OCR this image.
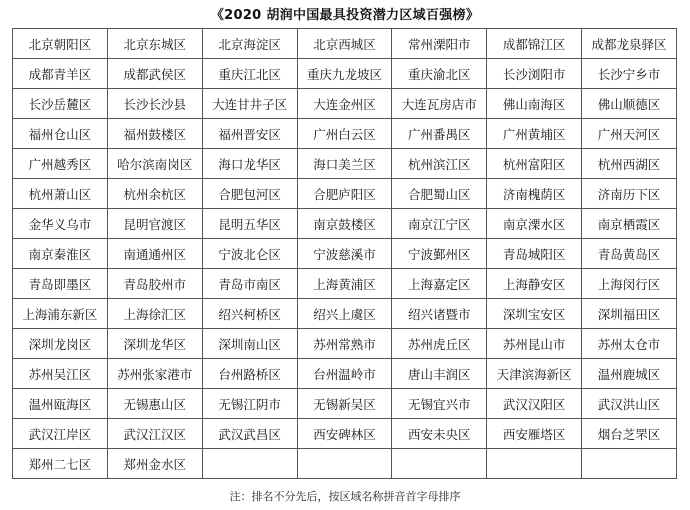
《2020 胡润中国最具投资潜力区域百强榜》
北京朝阳区	北京东城区	北京海淀区	北京西城区	常州溧阳市	成都锦江区	成都龙泉驿区
成都青羊区	成都武侯区	重庆江北区	重庆九龙坡区	重庆渝北区	长沙浏阳市	长沙宁乡市
长沙岳麓区	长沙长沙县	大连甘井子区	大连金州区	大连瓦房店市	佛山南海区	佛山顺德区
福州仓山区	福州鼓楼区	福州晋安区	广州白云区	广州番禺区	广州黄埔区	广州天河区
广州越秀区	哈尔滨南岗区	海口龙华区	海口美兰区	杭州滨江区	杭州富阳区	杭州西湖区
杭州萧山区	杭州余杭区	合肥包河区	合肥庐阳区	合肥蜀山区	济南槐荫区	济南历下区
金华义乌市	昆明官渡区	昆明五华区	南京鼓楼区	南京江宁区	南京溧水区	南京栖霞区
南京秦淮区	南通通州区	宁波北仑区	宁波慈溪市	宁波鄞州区	青岛城阳区	青岛黄岛区
青岛即墨区	青岛胶州市	青岛市南区	上海黄浦区	上海嘉定区	上海静安区	上海闵行区
上海浦东新区	上海徐汇区	绍兴柯桥区	绍兴上虞区	绍兴诸暨市	深圳宝安区	深圳福田区
深圳龙岗区	深圳龙华区	深圳南山区	苏州常熟市	苏州虎丘区	苏州昆山市	苏州太仓市
苏州吴江区	苏州张家港市	台州路桥区	台州温岭市	唐山丰润区	天津滨海新区	温州鹿城区
温州瓯海区	无锡惠山区	无锡江阴市	无锡新吴区	无锡宜兴市	武汉汉阳区	武汉洪山区
武汉江岸区	武汉江汉区	武汉武昌区	西安碑林区	西安未央区	西安雁塔区	烟台芝罘区
郑州二七区	郑州金水区					
注：排名不分先后，按区域名称拼音首字母排序
